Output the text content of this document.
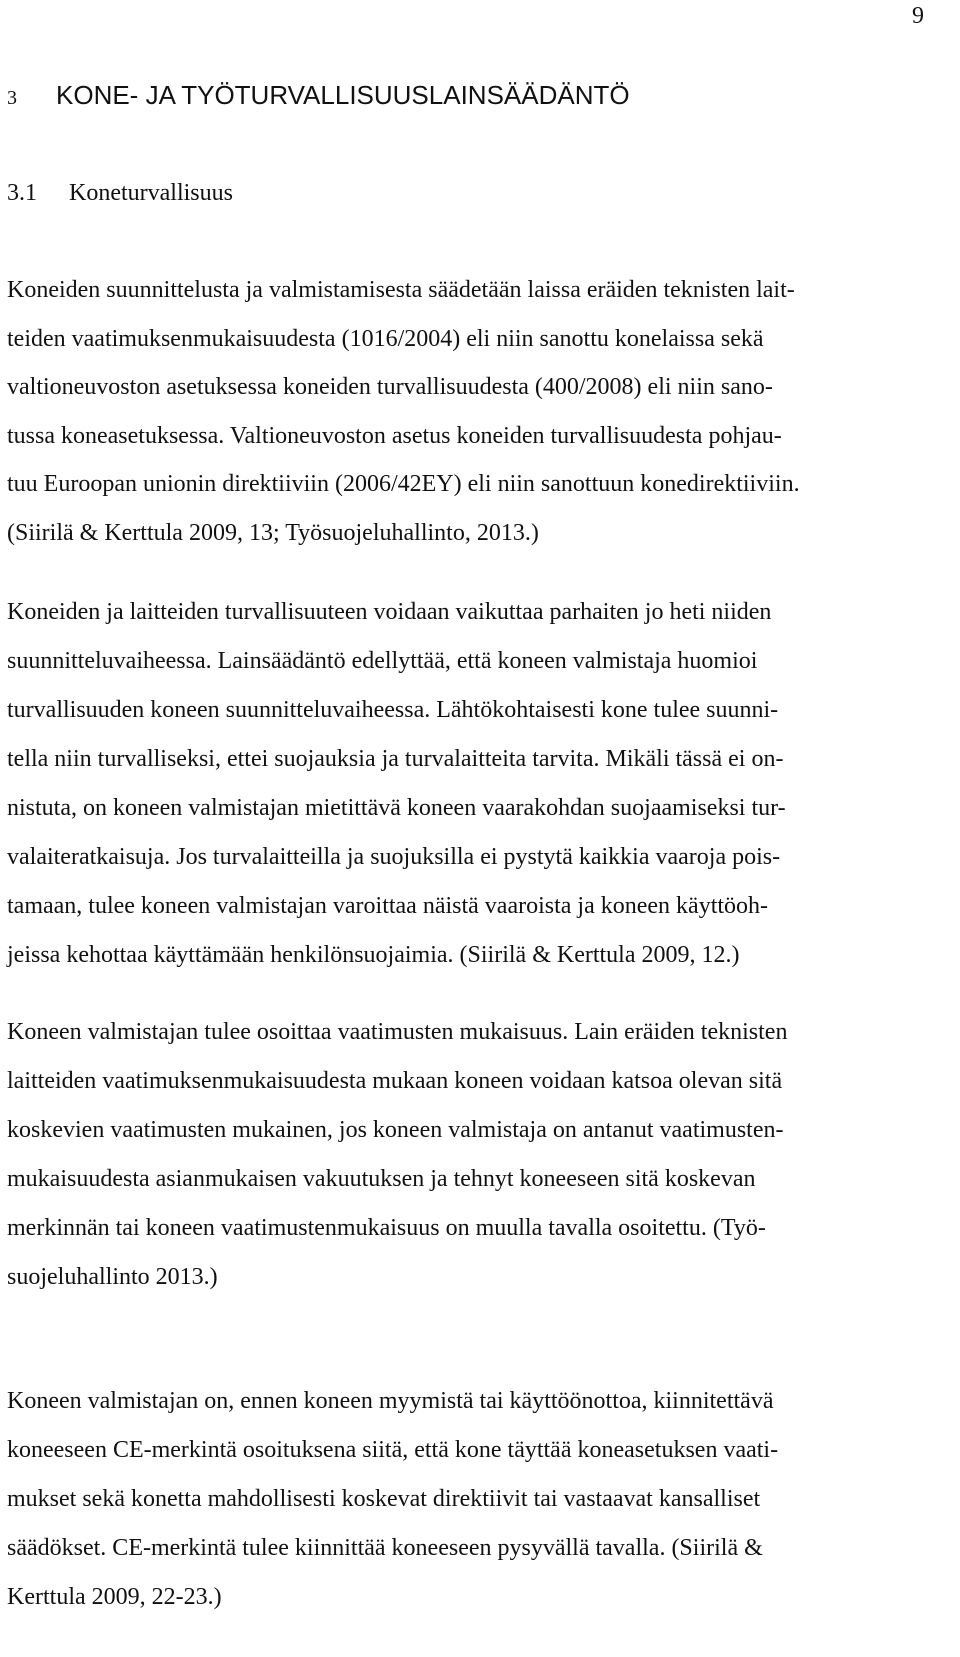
9
3 KONE- JA TYÖTURVALLISUUSLAINSÄÄDÄNTÖ
3.1 Koneturvallisuus
Koneiden suunnittelusta ja valmistamisesta säädetään laissa eräiden teknisten lait-
teiden vaatimuksenmukaisuudesta (1016/2004) eli niin sanottu konelaissa sekä
valtioneuvoston asetuksessa koneiden turvallisuudesta (400/2008) eli niin sano-
tussa koneasetuksessa. Valtioneuvoston asetus koneiden turvallisuudesta pohjau-
tuu Euroopan unionin direktiiviin (2006/42EY) eli niin sanottuun konedirektiiviin.
(Siirilä & Kerttula 2009, 13; Työsuojeluhallinto, 2013.)
Koneiden ja laitteiden turvallisuuteen voidaan vaikuttaa parhaiten jo heti niiden
suunnitteluvaiheessa. Lainsäädäntö edellyttää, että koneen valmistaja huomioi
turvallisuuden koneen suunnitteluvaiheessa. Lähtökohtaisesti kone tulee suunni-
tella niin turvalliseksi, ettei suojauksia ja turvalaitteita tarvita. Mikäli tässä ei on-
nistuta, on koneen valmistajan mietittävä koneen vaarakohdan suojaamiseksi tur-
valaiteratkaisuja. Jos turvalaitteilla ja suojuksilla ei pystytä kaikkia vaaroja pois-
tamaan, tulee koneen valmistajan varoittaa näistä vaaroista ja koneen käyttöoh-
jeissa kehottaa käyttämään henkilönsuojaimia. (Siirilä & Kerttula 2009, 12.)
Koneen valmistajan tulee osoittaa vaatimusten mukaisuus. Lain eräiden teknisten
laitteiden vaatimuksenmukaisuudesta mukaan koneen voidaan katsoa olevan sitä
koskevien vaatimusten mukainen, jos koneen valmistaja on antanut vaatimusten-
mukaisuudesta asianmukaisen vakuutuksen ja tehnyt koneeseen sitä koskevan
merkinnän tai koneen vaatimustenmukaisuus on muulla tavalla osoitettu. (Työ-
suojeluhallinto 2013.)
Koneen valmistajan on, ennen koneen myymistä tai käyttöönottoa, kiinnitettävä
koneeseen CE-merkintä osoituksena siitä, että kone täyttää koneasetuksen vaati-
mukset sekä konetta mahdollisesti koskevat direktiivit tai vastaavat kansalliset
säädökset. CE-merkintä tulee kiinnittää koneeseen pysyvällä tavalla. (Siirilä &
Kerttula 2009, 22-23.)
